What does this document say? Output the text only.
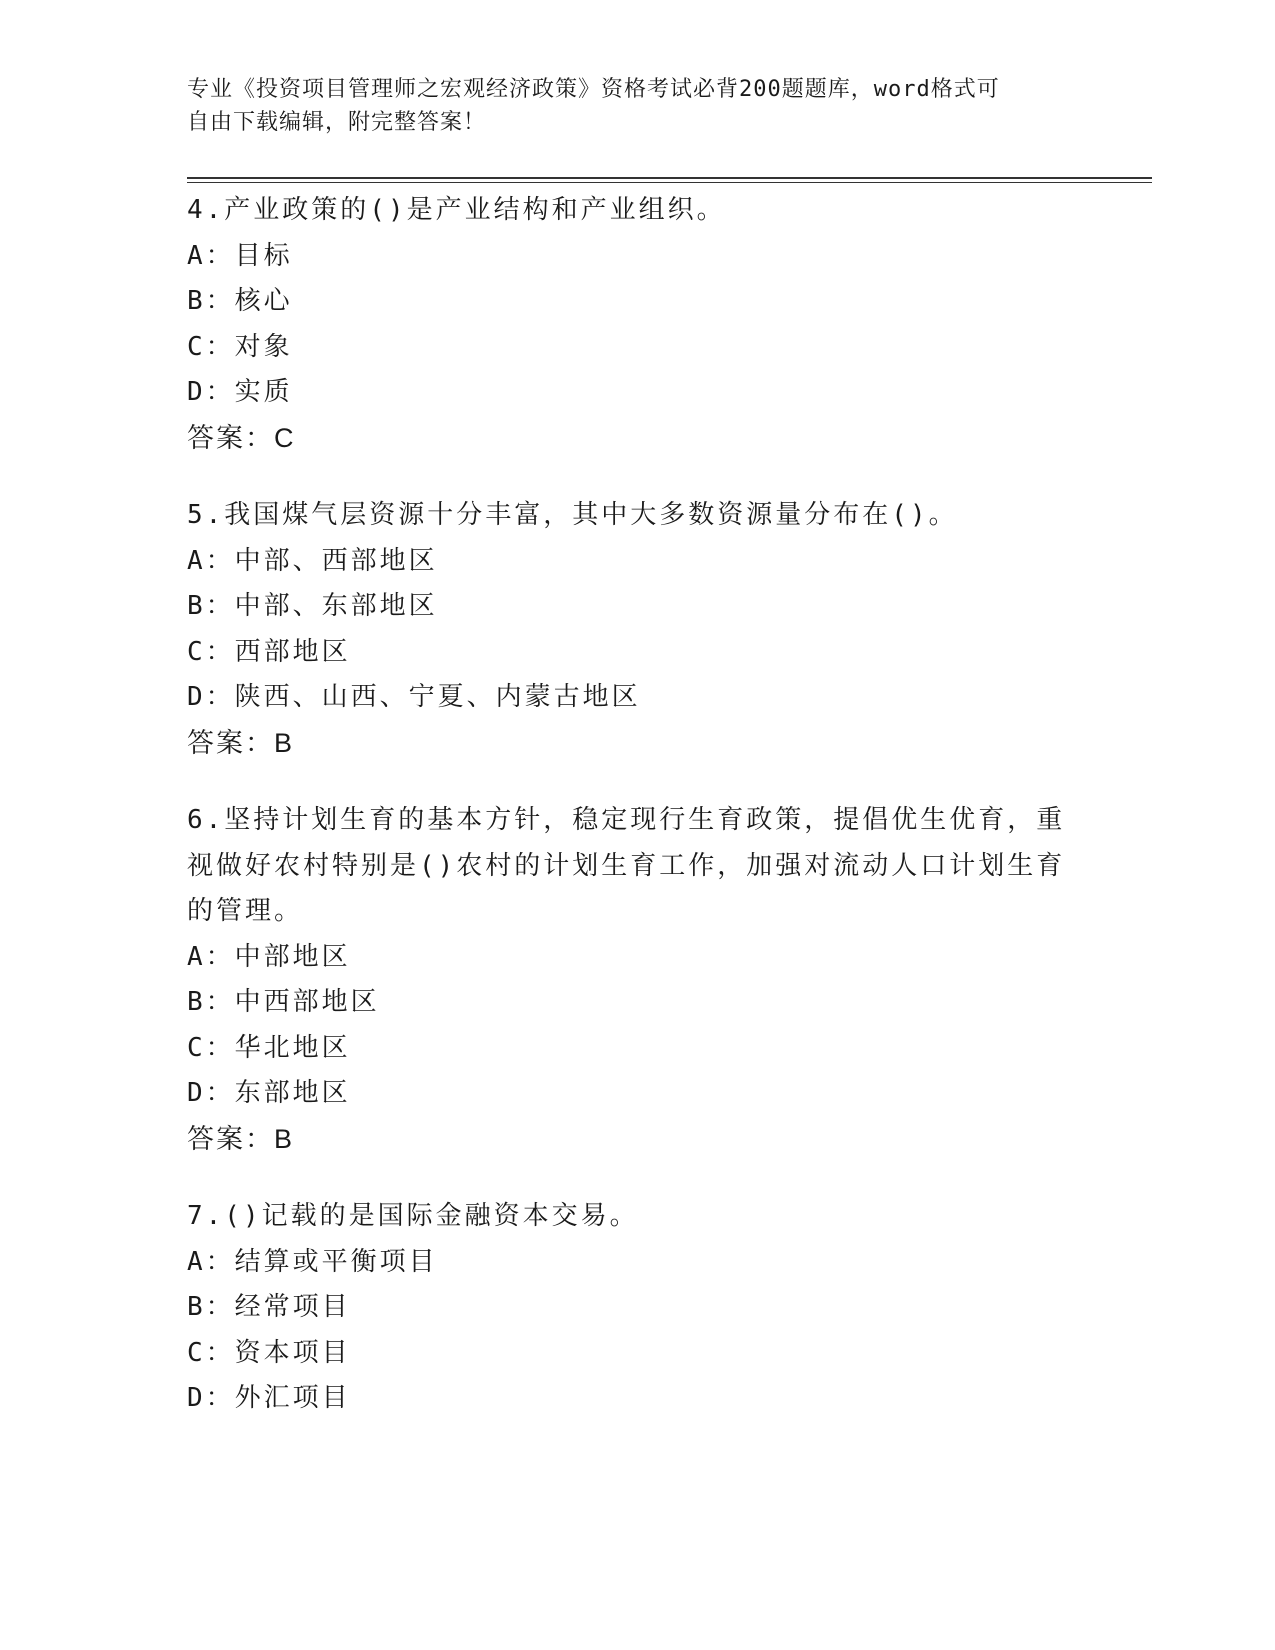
专业《投资项目管理师之宏观经济政策》资格考试必背200题题库，word格式可
自由下载编辑，附完整答案！

4.产业政策的()是产业结构和产业组织。

A：目标

B：核心

C：对象

D：实质

答案：C

5.我国煤气层资源十分丰富，其中大多数资源量分布在()。

A：中部、西部地区

B：中部、东部地区

C：西部地区

D：陕西、山西、宁夏、内蒙古地区

答案：B

6.坚持计划生育的基本方针，稳定现行生育政策，提倡优生优育，重

视做好农村特别是()农村的计划生育工作，加强对流动人口计划生育

的管理。

A：中部地区

B：中西部地区

C：华北地区

D：东部地区

答案：B

7.()记载的是国际金融资本交易。

A：结算或平衡项目

B：经常项目

C：资本项目

D：外汇项目
